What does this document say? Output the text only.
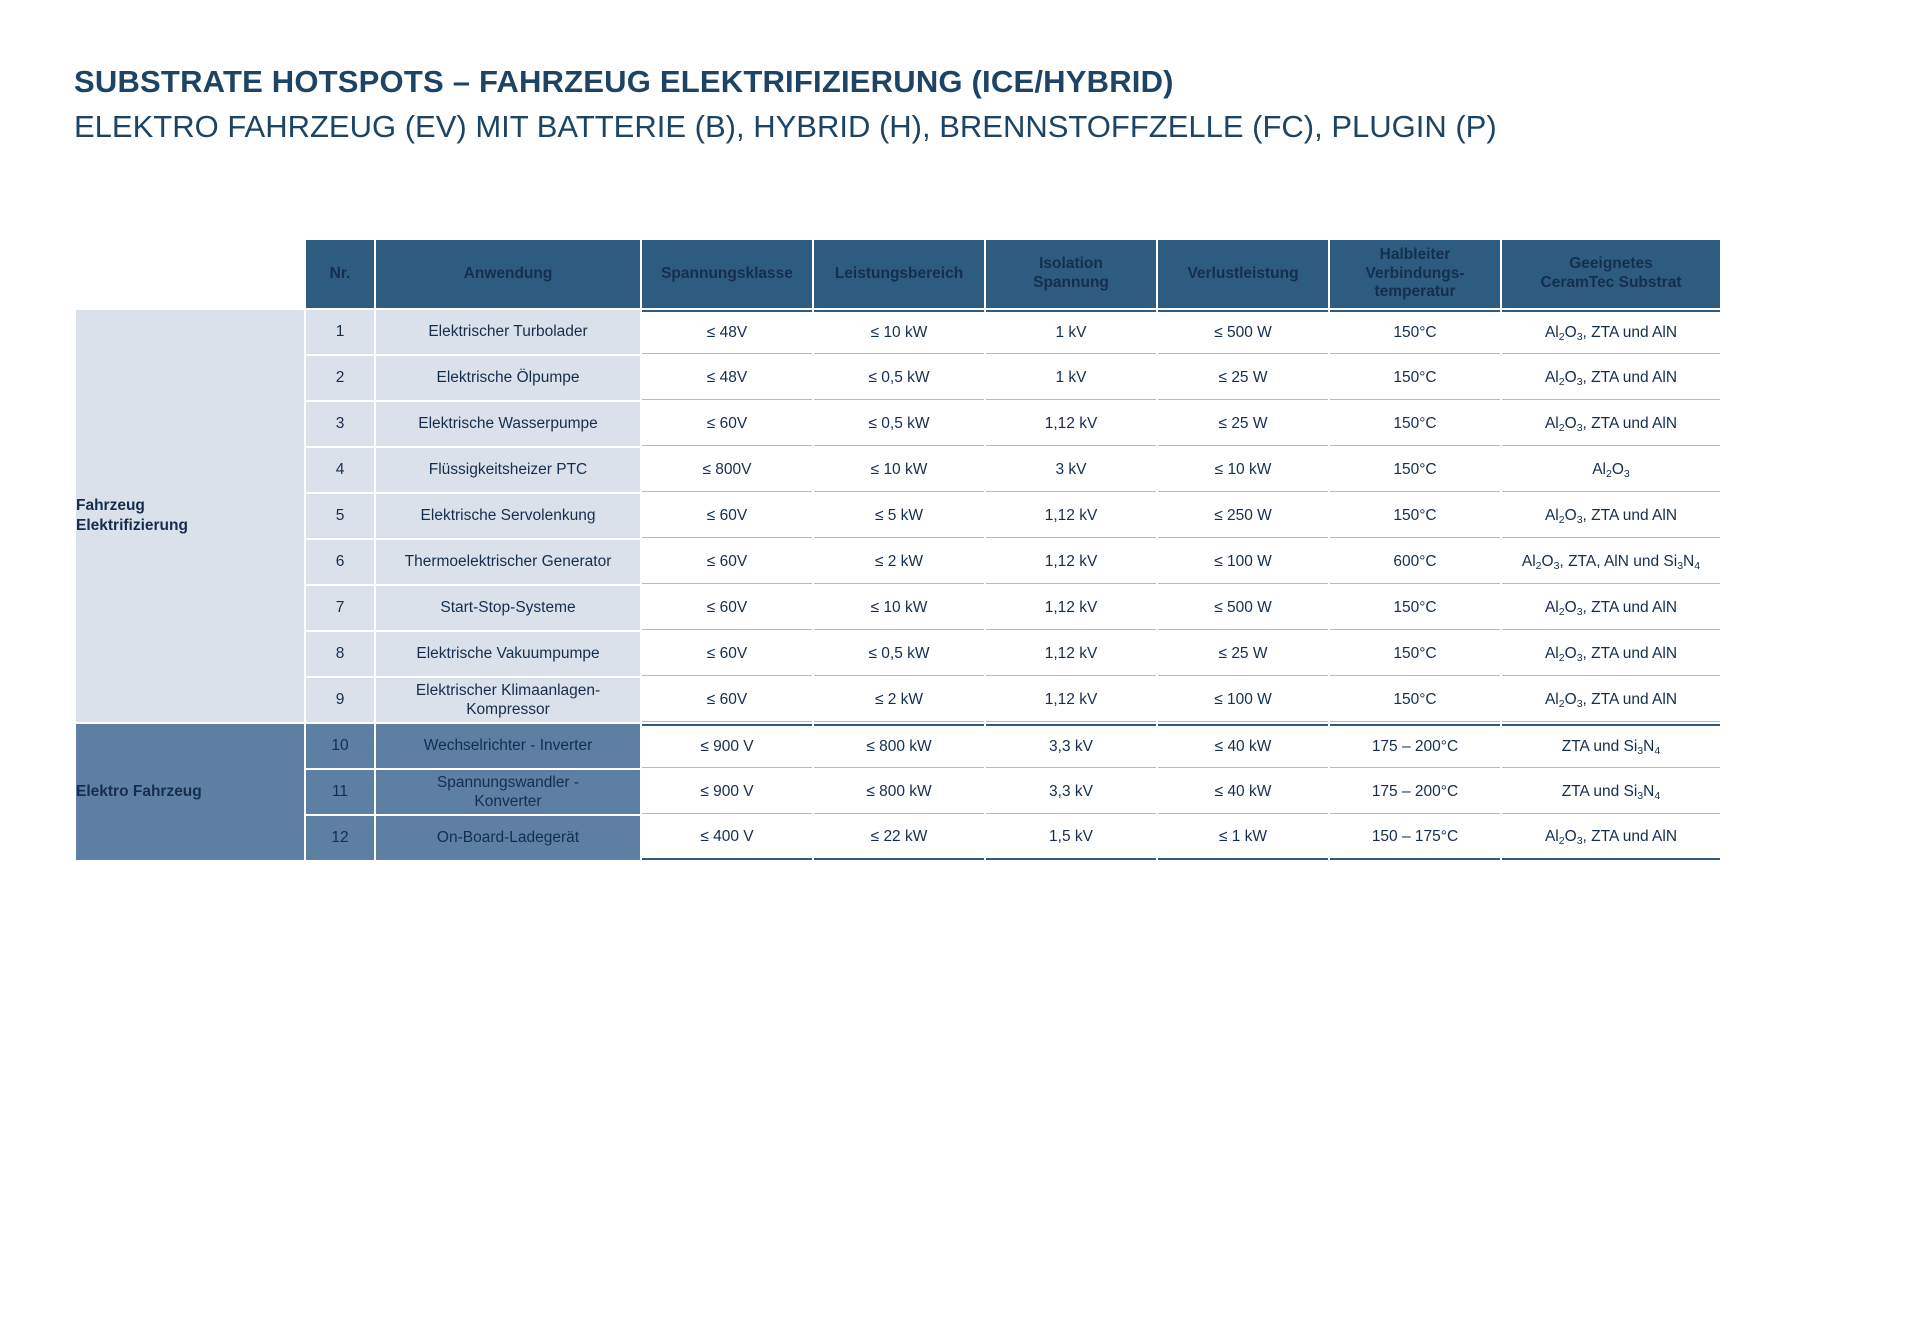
SUBSTRATE HOTSPOTS – FAHRZEUG ELEKTRIFIZIERUNG (ICE/HYBRID)
ELEKTRO FAHRZEUG (EV) MIT BATTERIE (B), HYBRID (H), BRENNSTOFFZELLE (FC), PLUGIN (P)
	Nr.	Anwendung	Spannungsklasse	Leistungsbereich	Isolation
Spannung	Verlustleistung	Halbleiter
Verbindungs-
temperatur	Geeignetes
CeramTec Substrat
Fahrzeug
Elektrifizierung	1	Elektrischer Turbolader	≤ 48V	≤ 10 kW	1 kV	≤ 500 W	150°C	$Al_2O_3$, ZTA und AlN
	2	Elektrische Ölpumpe	≤ 48V	≤ 0,5 kW	1 kV	≤ 25 W	150°C	$Al_2O_3$, ZTA und AlN
	3	Elektrische Wasserpumpe	≤ 60V	≤ 0,5 kW	1,12 kV	≤ 25 W	150°C	$Al_2O_3$, ZTA und AlN
	4	Flüssigkeitsheizer PTC	≤ 800V	≤ 10 kW	3 kV	≤ 10 kW	150°C	$Al_2O_3$
	5	Elektrische Servolenkung	≤ 60V	≤ 5 kW	1,12 kV	≤ 250 W	150°C	$Al_2O_3$, ZTA und AlN
	6	Thermoelektrischer Generator	≤ 60V	≤ 2 kW	1,12 kV	≤ 100 W	600°C	$Al_2O_3$, ZTA, AlN und $Si_3N_4$
	7	Start-Stop-Systeme	≤ 60V	≤ 10 kW	1,12 kV	≤ 500 W	150°C	$Al_2O_3$, ZTA und AlN
	8	Elektrische Vakuumpumpe	≤ 60V	≤ 0,5 kW	1,12 kV	≤ 25 W	150°C	$Al_2O_3$, ZTA und AlN
	9	Elektrischer Klimaanlagen-
Kompressor	≤ 60V	≤ 2 kW	1,12 kV	≤ 100 W	150°C	$Al_2O_3$, ZTA und AlN
Elektro Fahrzeug	10	Wechselrichter - Inverter	≤ 900 V	≤ 800 kW	3,3 kV	≤ 40 kW	175 – 200°C	ZTA und $Si_3N_4$
	11	Spannungswandler -
Konverter	≤ 900 V	≤ 800 kW	3,3 kV	≤ 40 kW	175 – 200°C	ZTA und $Si_3N_4$
	12	On-Board-Ladegerät	≤ 400 V	≤ 22 kW	1,5 kV	≤ 1 kW	150 – 175°C	$Al_2O_3$, ZTA und AlN
